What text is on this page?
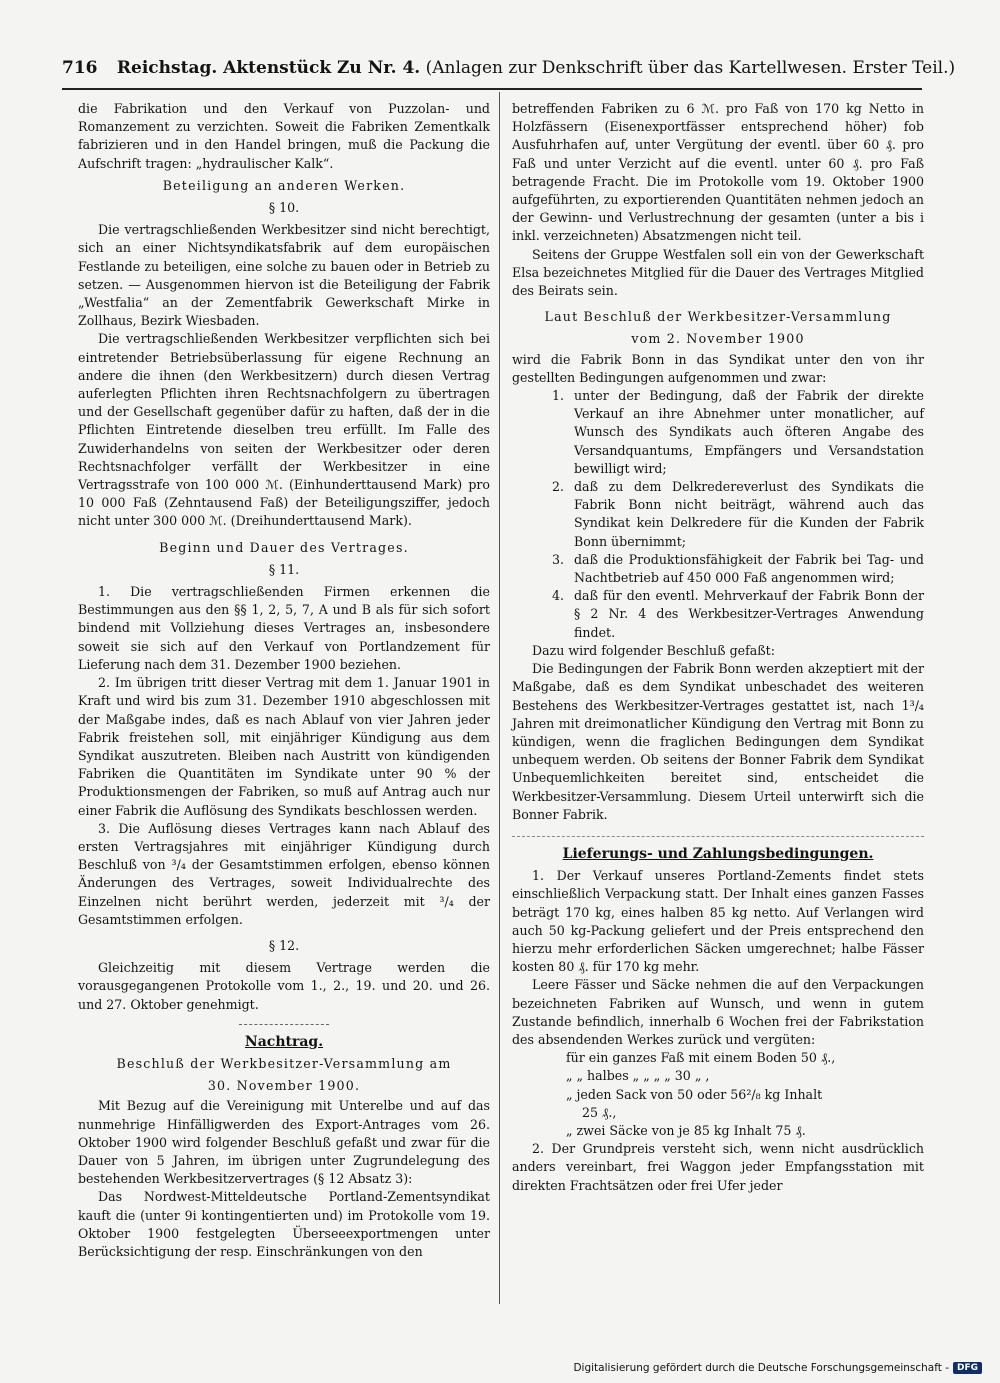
716 Reichstag. Aktenstück Zu Nr. 4. (Anlagen zur Denkschrift über das Kartellwesen. Erster Teil.)

die Fabrikation und den Verkauf von Puzzolan- und Romanzement zu verzichten. Soweit die Fabriken Zementkalk fabrizieren und in den Handel bringen, muß die Packung die Aufschrift tragen: „hydraulischer Kalk“.

Beteiligung an anderen Werken.
§ 10.

Die vertragschließenden Werkbesitzer sind nicht berechtigt, sich an einer Nichtsyndikatsfabrik auf dem europäischen Festlande zu beteiligen, eine solche zu bauen oder in Betrieb zu setzen. — Ausgenommen hiervon ist die Beteiligung der Fabrik „Westfalia“ an der Zementfabrik Gewerkschaft Mirke in Zollhaus, Bezirk Wiesbaden.

Die vertragschließenden Werkbesitzer verpflichten sich bei eintretender Betriebsüberlassung für eigene Rechnung an andere die ihnen (den Werkbesitzern) durch diesen Vertrag auferlegten Pflichten ihren Rechtsnachfolgern zu übertragen und der Gesellschaft gegenüber dafür zu haften, daß der in die Pflichten Eintretende dieselben treu erfüllt. Im Falle des Zuwiderhandelns von seiten der Werkbesitzer oder deren Rechtsnachfolger verfällt der Werkbesitzer in eine Vertragsstrafe von 100 000 ℳ. (Einhunderttausend Mark) pro 10 000 Faß (Zehntausend Faß) der Beteiligungsziffer, jedoch nicht unter 300 000 ℳ. (Dreihunderttausend Mark).

Beginn und Dauer des Vertrages.
§ 11.

1. Die vertragschließenden Firmen erkennen die Bestimmungen aus den §§ 1, 2, 5, 7, A und B als für sich sofort bindend mit Vollziehung dieses Vertrages an, insbesondere soweit sie sich auf den Verkauf von Portlandzement für Lieferung nach dem 31. Dezember 1900 beziehen.

2. Im übrigen tritt dieser Vertrag mit dem 1. Januar 1901 in Kraft und wird bis zum 31. Dezember 1910 abgeschlossen mit der Maßgabe indes, daß es nach Ablauf von vier Jahren jeder Fabrik freistehen soll, mit einjähriger Kündigung aus dem Syndikat auszutreten. Bleiben nach Austritt von kündigenden Fabriken die Quantitäten im Syndikate unter 90 % der Produktionsmengen der Fabriken, so muß auf Antrag auch nur einer Fabrik die Auflösung des Syndikats beschlossen werden.

3. Die Auflösung dieses Vertrages kann nach Ablauf des ersten Vertragsjahres mit einjähriger Kündigung durch Beschluß von ³/₄ der Gesamtstimmen erfolgen, ebenso können Änderungen des Vertrages, soweit Individualrechte des Einzelnen nicht berührt werden, jederzeit mit ³/₄ der Gesamtstimmen erfolgen.

§ 12.

Gleichzeitig mit diesem Vertrage werden die vorausgegangenen Protokolle vom 1., 2., 19. und 20. und 26. und 27. Oktober genehmigt.

Nachtrag.
Beschluß der Werkbesitzer-Versammlung am
30. November 1900.

Mit Bezug auf die Vereinigung mit Unterelbe und auf das nunmehrige Hinfälligwerden des Export-Antrages vom 26. Oktober 1900 wird folgender Beschluß gefaßt und zwar für die Dauer von 5 Jahren, im übrigen unter Zugrundelegung des bestehenden Werkbesitzervertrages (§ 12 Absatz 3):

Das Nordwest-Mitteldeutsche Portland-Zementsyndikat kauft die (unter 9i kontingentierten und) im Protokolle vom 19. Oktober 1900 festgelegten Überseeexportmengen unter Berücksichtigung der resp. Einschränkungen von den

betreffenden Fabriken zu 6 ℳ. pro Faß von 170 kg Netto in Holzfässern (Eisenexportfässer entsprechend höher) fob Ausfuhrhafen auf, unter Vergütung der eventl. über 60 ₰. pro Faß und unter Verzicht auf die eventl. unter 60 ₰. pro Faß betragende Fracht. Die im Protokolle vom 19. Oktober 1900 aufgeführten, zu exportierenden Quantitäten nehmen jedoch an der Gewinn- und Verlustrechnung der gesamten (unter a bis i inkl. verzeichneten) Absatzmengen nicht teil.

Seitens der Gruppe Westfalen soll ein von der Gewerkschaft Elsa bezeichnetes Mitglied für die Dauer des Vertrages Mitglied des Beirats sein.

Laut Beschluß der Werkbesitzer-Versammlung
vom 2. November 1900

wird die Fabrik Bonn in das Syndikat unter den von ihr gestellten Bedingungen aufgenommen und zwar:

1. unter der Bedingung, daß der Fabrik der direkte Verkauf an ihre Abnehmer unter monatlicher, auf Wunsch des Syndikats auch öfteren Angabe des Versandquantums, Empfängers und Versandstation bewilligt wird;
2. daß zu dem Delkredereverlust des Syndikats die Fabrik Bonn nicht beiträgt, während auch das Syndikat kein Delkredere für die Kunden der Fabrik Bonn übernimmt;
3. daß die Produktionsfähigkeit der Fabrik bei Tag- und Nachtbetrieb auf 450 000 Faß angenommen wird;
4. daß für den eventl. Mehrverkauf der Fabrik Bonn der § 2 Nr. 4 des Werkbesitzer-Vertrages Anwendung findet.

Dazu wird folgender Beschluß gefaßt:

Die Bedingungen der Fabrik Bonn werden akzeptiert mit der Maßgabe, daß es dem Syndikat unbeschadet des weiteren Bestehens des Werkbesitzer-Vertrages gestattet ist, nach 1³/₄ Jahren mit dreimonatlicher Kündigung den Vertrag mit Bonn zu kündigen, wenn die fraglichen Bedingungen dem Syndikat unbequem werden. Ob seitens der Bonner Fabrik dem Syndikat Unbequemlichkeiten bereitet sind, entscheidet die Werkbesitzer-Versammlung. Diesem Urteil unterwirft sich die Bonner Fabrik.

Lieferungs- und Zahlungsbedingungen.

1. Der Verkauf unseres Portland-Zements findet stets einschließlich Verpackung statt. Der Inhalt eines ganzen Fasses beträgt 170 kg, eines halben 85 kg netto. Auf Verlangen wird auch 50 kg-Packung geliefert und der Preis entsprechend den hierzu mehr erforderlichen Säcken umgerechnet; halbe Fässer kosten 80 ₰. für 170 kg mehr.

Leere Fässer und Säcke nehmen die auf den Verpackungen bezeichneten Fabriken auf Wunsch, und wenn in gutem Zustande befindlich, innerhalb 6 Wochen frei der Fabrikstation des absendenden Werkes zurück und vergüten:

für ein ganzes Faß mit einem Boden 50 ₰.,
„ „ halbes „ „ „ „ 30 „ ,
„ jeden Sack von 50 oder 56²/₈ kg Inhalt
25 ₰.,
„ zwei Säcke von je 85 kg Inhalt 75 ₰.

2. Der Grundpreis versteht sich, wenn nicht ausdrücklich anders vereinbart, frei Waggon jeder Empfangsstation mit direkten Frachtsätzen oder frei Ufer jeder

Digitalisierung gefördert durch die Deutsche Forschungsgemeinschaft - DFG
